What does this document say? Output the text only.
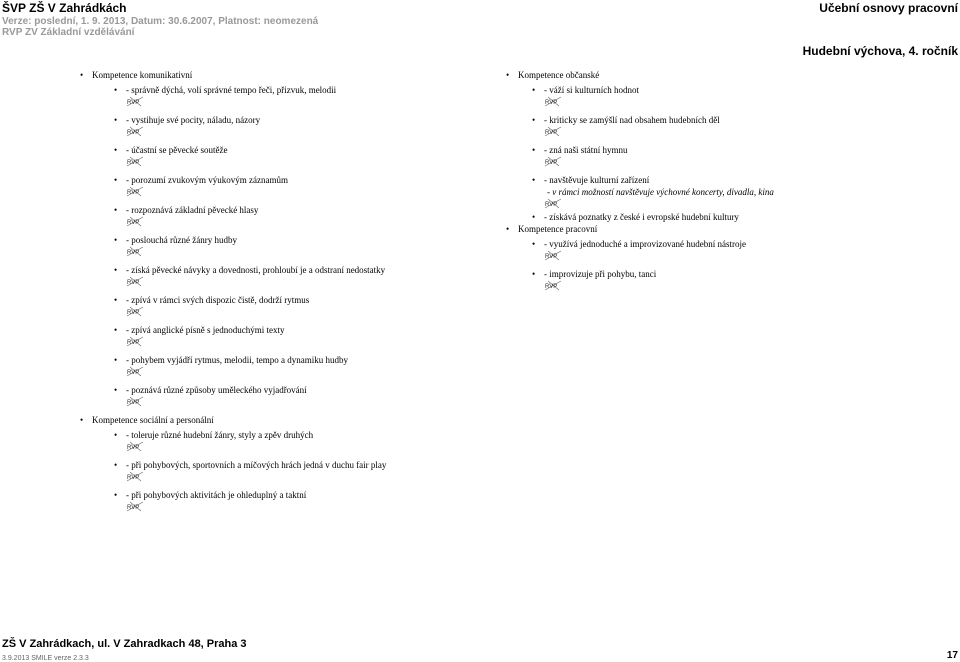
ŠVP ZŠ V Zahrádkách	Učební osnovy pracovní
Verze: poslední, 1. 9. 2013, Datum: 30.6.2007, Platnost: neomezená
RVP ZV Základní vzdělávání
Hudební výchova, 4. ročník
• Kompetence komunikativní
• - správně dýchá, volí správné tempo řeči, přizvuk, melodii
RVP
• - vystihuje své pocity, náladu, názory
RVP
• - účastní se pěvecké soutěže
RVP
• - porozumí zvukovým výukovým záznamům
RVP
• - rozpoznává základní pěvecké hlasy
RVP
• - poslouchá různé žánry hudby
RVP
• - získá pěvecké návyky a dovednosti, prohloubí je a odstraní nedostatky
RVP
• - zpívá v rámci svých dispozic čistě, dodrží rytmus
RVP
• - zpívá anglické písně s jednoduchými texty
RVP
• - pohybem vyjádří rytmus, melodii, tempo a dynamiku hudby
RVP
• - poznává různé způsoby uměleckého vyjadřování
RVP
• Kompetence sociální a personální
• - toleruje různé hudební žánry, styly a zpěv druhých
RVP
• - při pohybových, sportovních a míčových hrách jedná v duchu fair play
RVP
• - při pohybových aktivitách je ohleduplný a taktní
RVP
• Kompetence občanské
• - váží si kulturních hodnot
RVP
• - kriticky se zamýšlí nad obsahem hudebních děl
RVP
• - zná naši státní hymnu
RVP
• - navštěvuje kulturní zařízení
- v rámci možností navštěvuje výchovné koncerty, divadla, kina
RVP
• - získává poznatky z české i evropské hudební kultury
• Kompetence pracovní
• - využívá jednoduché a improvizované hudební nástroje
RVP
• - improvizuje při pohybu, tanci
RVP
ZŠ V Zahrádkach, ul. V Zahradkach 48, Praha 3
3.9.2013 SMILE verze 2.3.3	17
